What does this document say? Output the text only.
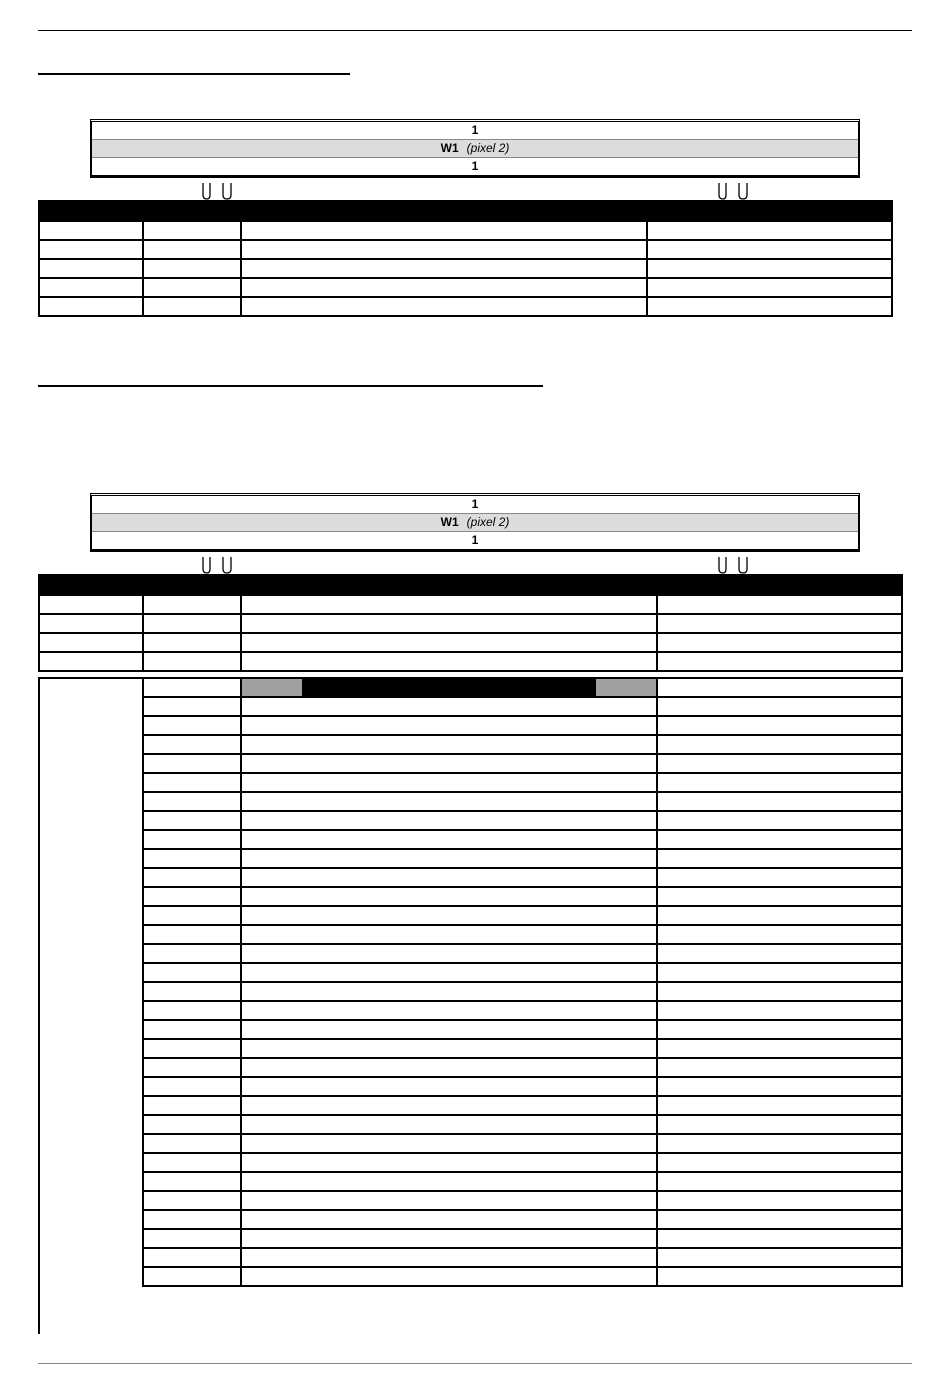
1
W1 (pixel 2)
1

1
W1 (pixel 2)
1
